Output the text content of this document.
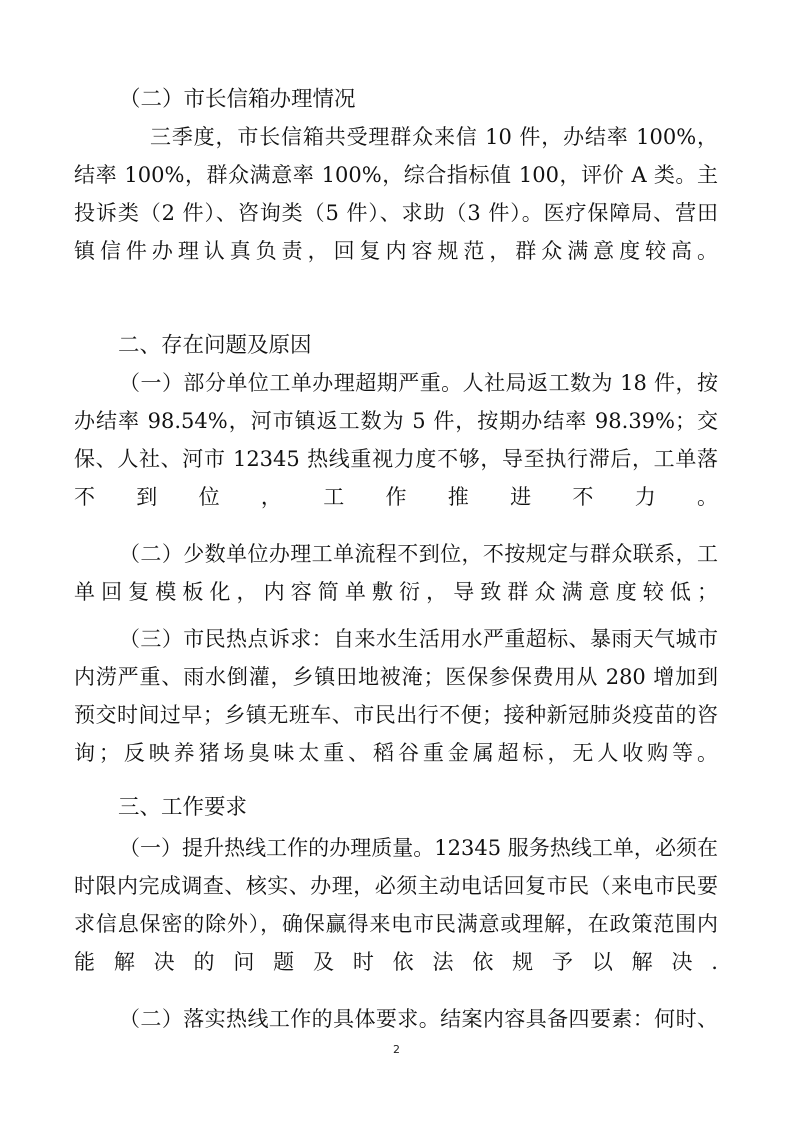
（二）市长信箱办理情况
三季度，市长信箱共受理群众来信 10 件，办结率 100%，
结率 100%，群众满意率 100%，综合指标值 100，评价 A 类。主
投诉类（2 件）、咨询类（5 件）、求助（3 件）。医疗保障局、营田
镇信件办理认真负责，回复内容规范，群众满意度较高。
二、存在问题及原因
（一）部分单位工单办理超期严重。人社局返工数为 18 件，按
办结率 98.54%，河市镇返工数为 5 件，按期办结率 98.39%；交
保、人社、河市 12345 热线重视力度不够，导至执行滞后，工单落
不到位，工作推进不力。
（二）少数单位办理工单流程不到位，不按规定与群众联系，工
单回复模板化，内容简单敷衍，导致群众满意度较低；
（三）市民热点诉求：自来水生活用水严重超标、暴雨天气城市
内涝严重、雨水倒灌，乡镇田地被淹；医保参保费用从 280 增加到
预交时间过早；乡镇无班车、市民出行不便；接种新冠肺炎疫苗的咨
询；反映养猪场臭味太重、稻谷重金属超标，无人收购等。
三、工作要求
（一）提升热线工作的办理质量。12345 服务热线工单，必须在
时限内完成调查、核实、办理，必须主动电话回复市民（来电市民要
求信息保密的除外），确保赢得来电市民满意或理解，在政策范围内
能解决的问题及时依法依规予以解决.
（二）落实热线工作的具体要求。结案内容具备四要素：何时、
2
